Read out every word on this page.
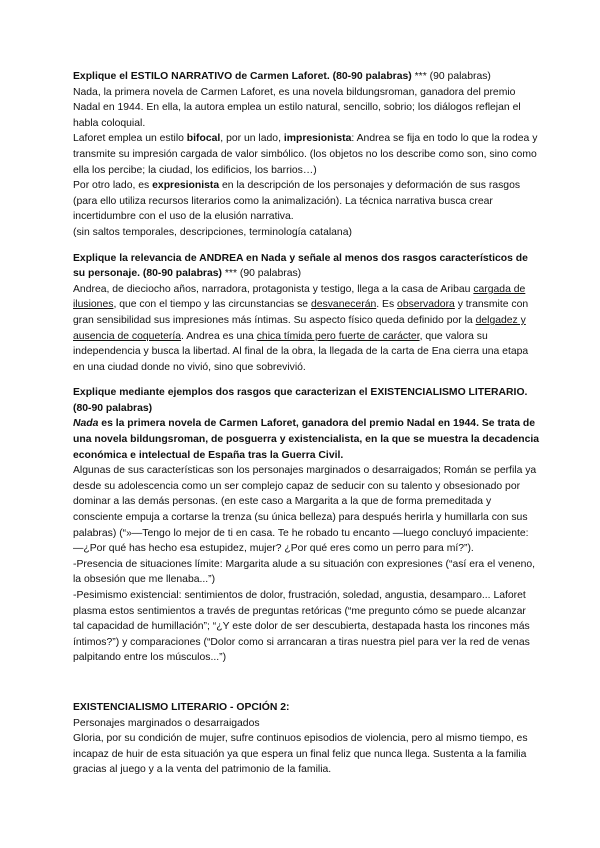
Explique el ESTILO NARRATIVO de Carmen Laforet. (80-90 palabras) *** (90 palabras)

Nada, la primera novela de Carmen Laforet, es una novela bildungsroman, ganadora del premio Nadal en 1944. En ella, la autora emplea un estilo natural, sencillo, sobrio; los diálogos reflejan el habla coloquial.

Laforet emplea un estilo bifocal, por un lado, impresionista: Andrea se fija en todo lo que la rodea y transmite su impresión cargada de valor simbólico. (los objetos no los describe como son, sino como ella los percibe; la ciudad, los edificios, los barrios…)

Por otro lado, es expresionista en la descripción de los personajes y deformación de sus rasgos (para ello utiliza recursos literarios como la animalización). La técnica narrativa busca crear incertidumbre con el uso de la elusión narrativa.

(sin saltos temporales, descripciones, terminología catalana)

Explique la relevancia de ANDREA en Nada y señale al menos dos rasgos característicos de su personaje. (80-90 palabras) *** (90 palabras)

Andrea, de dieciocho años, narradora, protagonista y testigo, llega a la casa de Aribau cargada de ilusiones, que con el tiempo y las circunstancias se desvanecerán. Es observadora y transmite con gran sensibilidad sus impresiones más íntimas. Su aspecto físico queda definido por la delgadez y ausencia de coquetería. Andrea es una chica tímida pero fuerte de carácter, que valora su independencia y busca la libertad. Al final de la obra, la llegada de la carta de Ena cierra una etapa en una ciudad donde no vivió, sino que sobrevivió.

Explique mediante ejemplos dos rasgos que caracterizan el EXISTENCIALISMO LITERARIO. (80-90 palabras)

Nada es la primera novela de Carmen Laforet, ganadora del premio Nadal en 1944. Se trata de una novela bildungsroman, de posguerra y existencialista, en la que se muestra la decadencia económica e intelectual de España tras la Guerra Civil.

Algunas de sus características son los personajes marginados o desarraigados; Román se perfila ya desde su adolescencia como un ser complejo capaz de seducir con su talento y obsesionado por dominar a las demás personas. (en este caso a Margarita a la que de forma premeditada y consciente empuja a cortarse la trenza (su única belleza) para después herirla y humillarla con sus palabras) (“»—Tengo lo mejor de ti en casa. Te he robado tu encanto —luego concluyó impaciente: —¿Por qué has hecho esa estupidez, mujer? ¿Por qué eres como un perro para mí?”).

-Presencia de situaciones límite: Margarita alude a su situación con expresiones (“así era el veneno, la obsesión que me llenaba...”)

-Pesimismo existencial: sentimientos de dolor, frustración, soledad, angustia, desamparo... Laforet plasma estos sentimientos a través de preguntas retóricas (“me pregunto cómo se puede alcanzar tal capacidad de humillación”; “¿Y este dolor de ser descubierta, destapada hasta los rincones más íntimos?”) y comparaciones (“Dolor como si arrancaran a tiras nuestra piel para ver la red de venas palpitando entre los músculos...”)

EXISTENCIALISMO LITERARIO - OPCIÓN 2:

Personajes marginados o desarraigados

Gloria, por su condición de mujer, sufre continuos episodios de violencia, pero al mismo tiempo, es incapaz de huir de esta situación ya que espera un final feliz que nunca llega. Sustenta a la familia gracias al juego y a la venta del patrimonio de la familia.
